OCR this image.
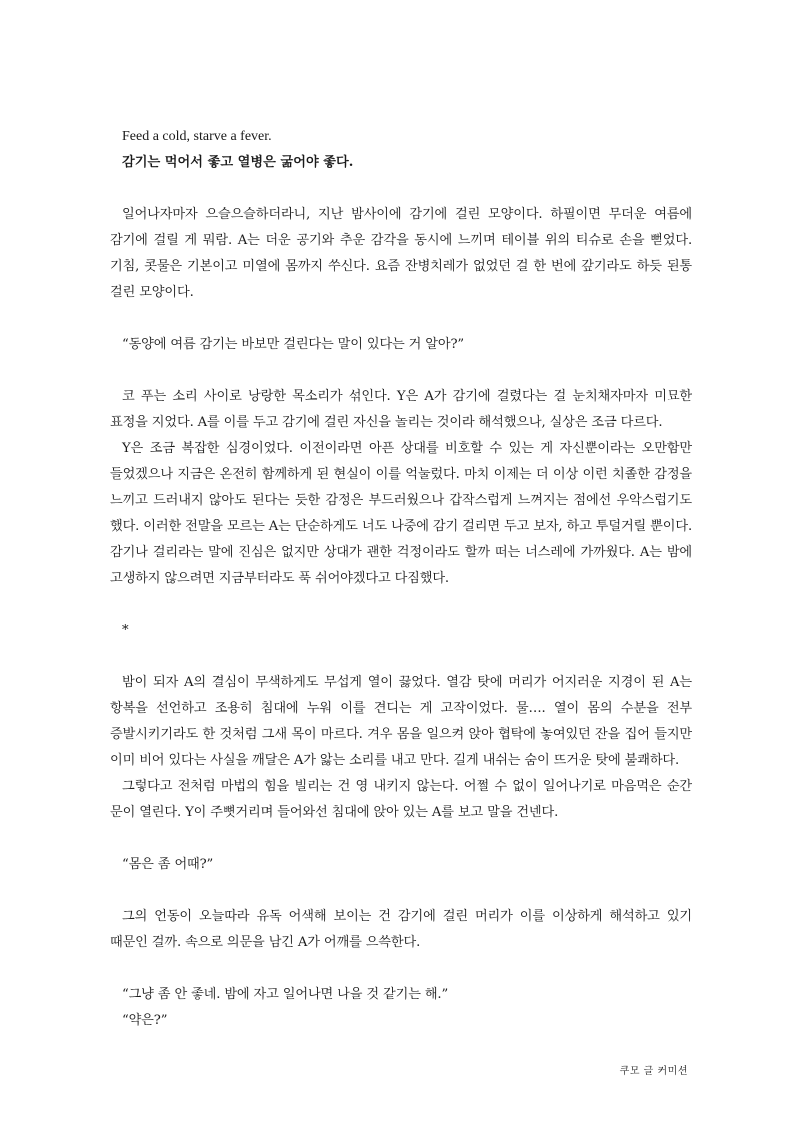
Feed a cold, starve a fever.

감기는 먹어서 좋고 열병은 굶어야 좋다.

일어나자마자 으슬으슬하더라니, 지난 밤사이에 감기에 걸린 모양이다. 하필이면 무더운 여름에 감기에 걸릴 게 뭐람. A는 더운 공기와 추운 감각을 동시에 느끼며 테이블 위의 티슈로 손을 뻗었다. 기침, 콧물은 기본이고 미열에 몸까지 쑤신다. 요즘 잔병치레가 없었던 걸 한 번에 갚기라도 하듯 된통 걸린 모양이다.

“동양에 여름 감기는 바보만 걸린다는 말이 있다는 거 알아?”

코 푸는 소리 사이로 낭랑한 목소리가 섞인다. Y은 A가 감기에 걸렸다는 걸 눈치채자마자 미묘한 표정을 지었다. A를 이를 두고 감기에 걸린 자신을 놀리는 것이라 해석했으나, 실상은 조금 다르다.

Y은 조금 복잡한 심경이었다. 이전이라면 아픈 상대를 비호할 수 있는 게 자신뿐이라는 오만함만 들었겠으나 지금은 온전히 함께하게 된 현실이 이를 억눌렀다. 마치 이제는 더 이상 이런 치졸한 감정을 느끼고 드러내지 않아도 된다는 듯한 감정은 부드러웠으나 갑작스럽게 느껴지는 점에선 우악스럽기도 했다. 이러한 전말을 모르는 A는 단순하게도 너도 나중에 감기 걸리면 두고 보자, 하고 투덜거릴 뿐이다. 감기나 걸리라는 말에 진심은 없지만 상대가 괜한 걱정이라도 할까 떠는 너스레에 가까웠다. A는 밤에 고생하지 않으려면 지금부터라도 푹 쉬어야겠다고 다짐했다.

*

밤이 되자 A의 결심이 무색하게도 무섭게 열이 끓었다. 열감 탓에 머리가 어지러운 지경이 된 A는 항복을 선언하고 조용히 침대에 누워 이를 견디는 게 고작이었다. 물…. 열이 몸의 수분을 전부 증발시키기라도 한 것처럼 그새 목이 마르다. 겨우 몸을 일으켜 앉아 협탁에 놓여있던 잔을 집어 들지만 이미 비어 있다는 사실을 깨달은 A가 앓는 소리를 내고 만다. 길게 내쉬는 숨이 뜨거운 탓에 불쾌하다.

그렇다고 전처럼 마법의 힘을 빌리는 건 영 내키지 않는다. 어쩔 수 없이 일어나기로 마음먹은 순간 문이 열린다. Y이 주뼛거리며 들어와선 침대에 앉아 있는 A를 보고 말을 건넨다.

“몸은 좀 어때?”

그의 언동이 오늘따라 유독 어색해 보이는 건 감기에 걸린 머리가 이를 이상하게 해석하고 있기 때문인 걸까. 속으로 의문을 남긴 A가 어깨를 으쓱한다.

“그냥 좀 안 좋네. 밤에 자고 일어나면 나을 것 같기는 해.”

“약은?”

쿠모 글 커미션
